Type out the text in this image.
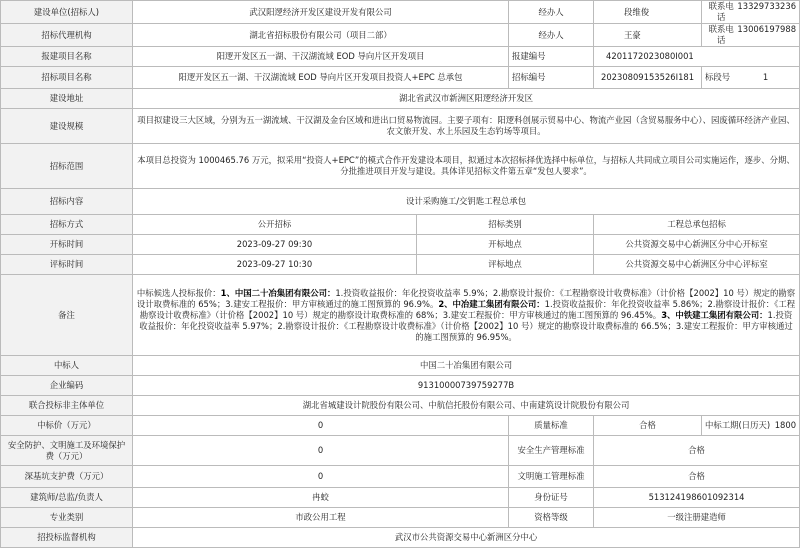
建设单位(招标人)	武汉阳逻经济开发区建设开发有限公司		经办人	段维俊	联系电话
13329733236

招标代理机构	湖北省招标股份有限公司（项目二部）		经办人	王豪	联系电话
13006197988

报建项目名称	阳逻开发区五一湖、干汉湖流域 EOD 导向片区开发项目		报建编号	4201172023080I001	
招标项目名称	阳逻开发区五一湖、干汉湖流域 EOD 导向片区开发项目投资人+EPC 总承包		招标编号	20230809153526I181	标段号 1

建设地址	湖北省武汉市新洲区阳逻经济开发区				
建设规模	项目拟建设三大区域，分别为五一湖流域、干汉湖及金台区域和进出口贸易物流园。主要子项有：阳逻科创展示贸易中心、物流产业园（含贸易服务中心）、园废循环经济产业园、农文旅开发、水上乐园及生态钓场等项目。				
招标范围	本项目总投资为 1000465.76 万元，拟采用“投资人+EPC”的模式合作开发建设本项目，拟通过本次招标择优选择中标单位，与招标人共同成立项目公司实施运作，逐步、分期、分批推进项目开发与建设。具体详见招标文件第五章“发包人要求”。				
招标内容	设计采购施工/交钥匙工程总承包				
招标方式	公开招标	招标类别		工程总承包招标	
开标时间	2023-09-27 09:30	开标地点		公共资源交易中心新洲区分中心开标室	
评标时间	2023-09-27 10:30	评标地点		公共资源交易中心新洲区分中心评标室	
备注	中标候选人投标报价：1、中国二十冶集团有限公司：1.投资收益报价：年化投资收益率 5.9%；2.勘察设计报价：《工程勘察设计收费标准》（计价格【2002】10 号）规定的勘察设计取费标准的 65%；3.建安工程报价：甲方审核通过的施工图预算的 96.9%。2、中冶建工集团有限公司：1.投资收益报价：年化投资收益率 5.86%；2.勘察设计报价：《工程勘察设计收费标准》（计价格【2002】10 号）规定的勘察设计取费标准的 68%；3.建安工程报价：甲方审核通过的施工图预算的 96.45%。3、中铁建工集团有限公司：1.投资收益报价：年化投资收益率 5.97%；2.勘察设计报价：《工程勘察设计收费标准》（计价格【2002】10 号）规定的勘察设计取费标准的 66.5%；3.建安工程报价：甲方审核通过的施工图预算的 96.95%。				
中标人	中国二十冶集团有限公司				
企业编码	91310000739759277B				
联合投标非主体单位	湖北省城建设计院股份有限公司、中航信托股份有限公司、中南建筑设计院股份有限公司				
中标价（万元）	0		质量标准	合格	中标工期(日历天) 1800

安全防护、文明施工及环境保护费（万元）	0		安全生产管理标准	合格	
深基坑支护费（万元）	0		文明施工管理标准	合格	
建筑师/总监/负责人	冉蛟		身份证号	513124198601092314	
专业类别	市政公用工程		资格等级	一级注册建造师	
招投标监督机构	武汉市公共资源交易中心新洲区分中心				
